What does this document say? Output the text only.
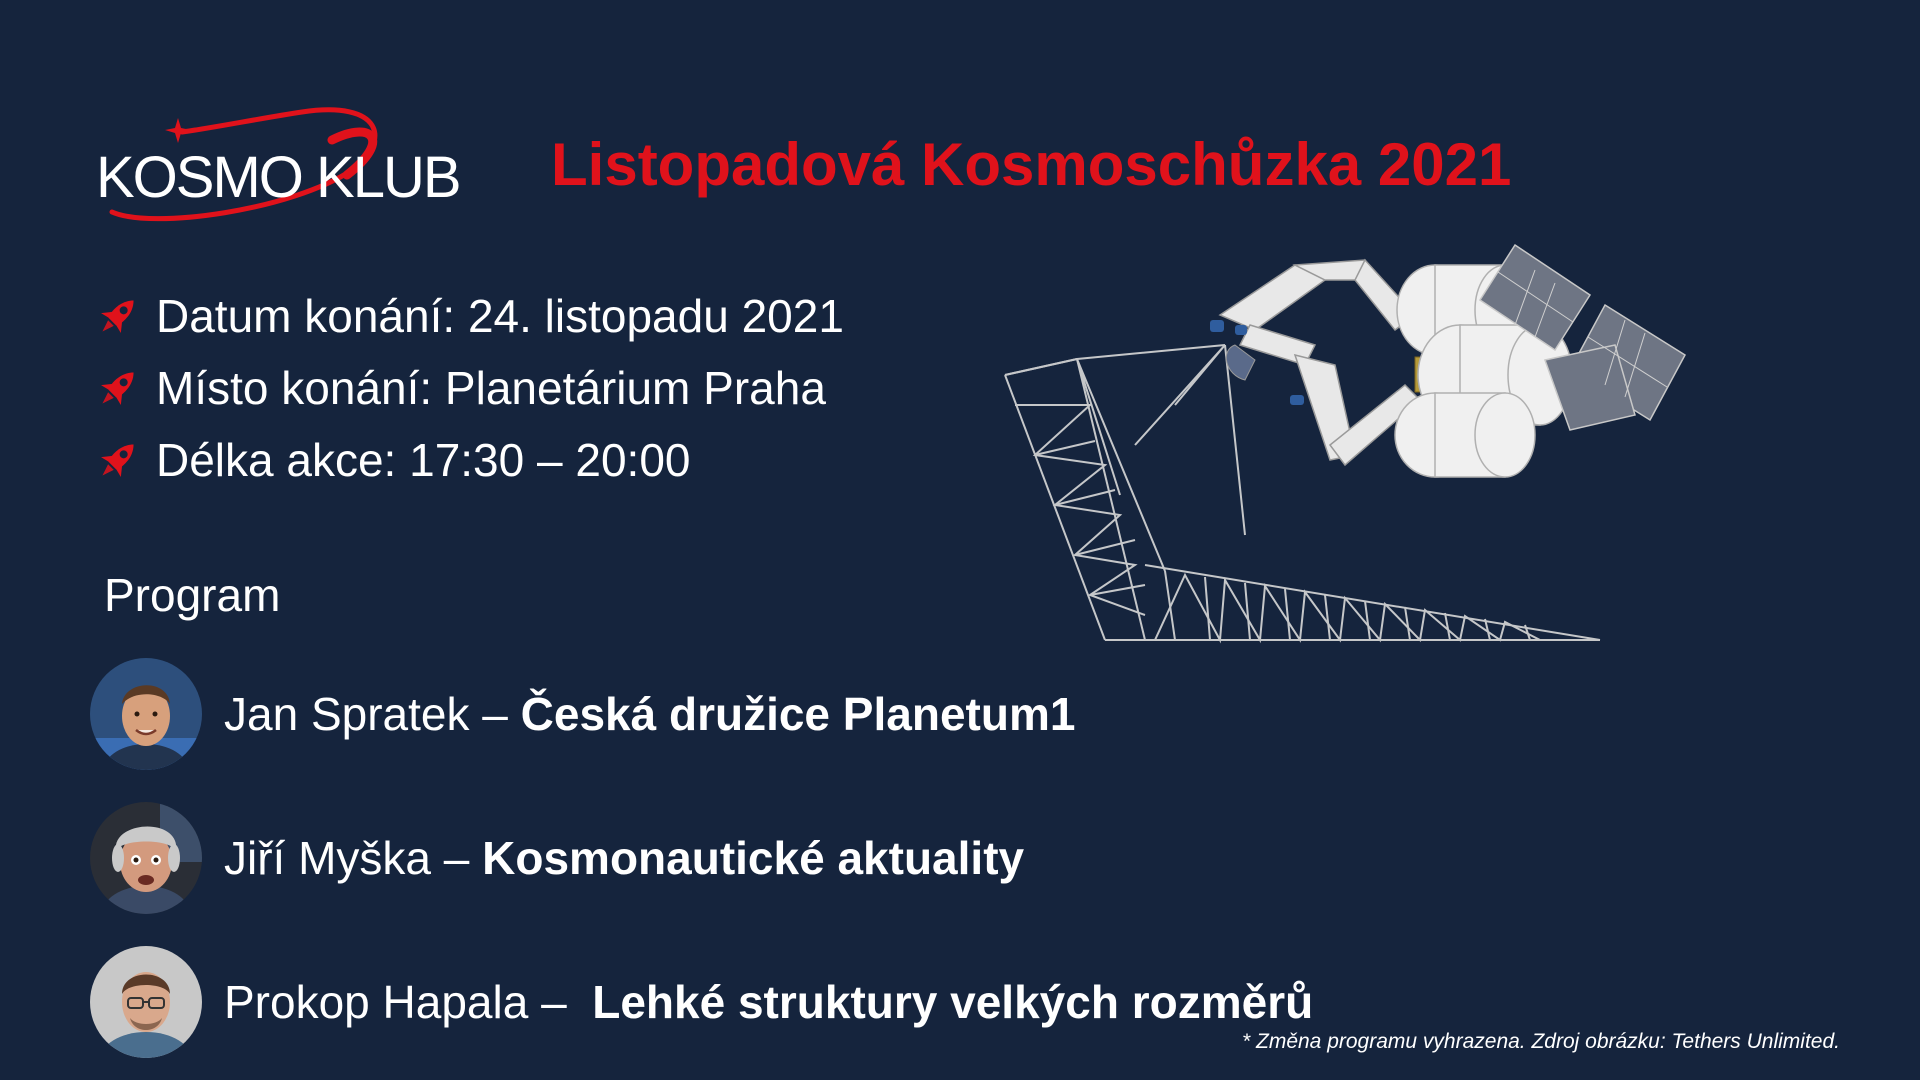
KOSMO KLUB Listopadová Kosmoschůzka 2021
Datum konání: 24. listopadu 2021
Místo konání: Planetárium Praha
Délka akce: 17:30 – 20:00
Program
Jan Spratek – Česká družice Planetum1
Jiří Myška – Kosmonautické aktuality
Prokop Hapala – Lehké struktury velkých rozměrů
* Změna programu vyhrazena. Zdroj obrázku: Tethers Unlimited.
